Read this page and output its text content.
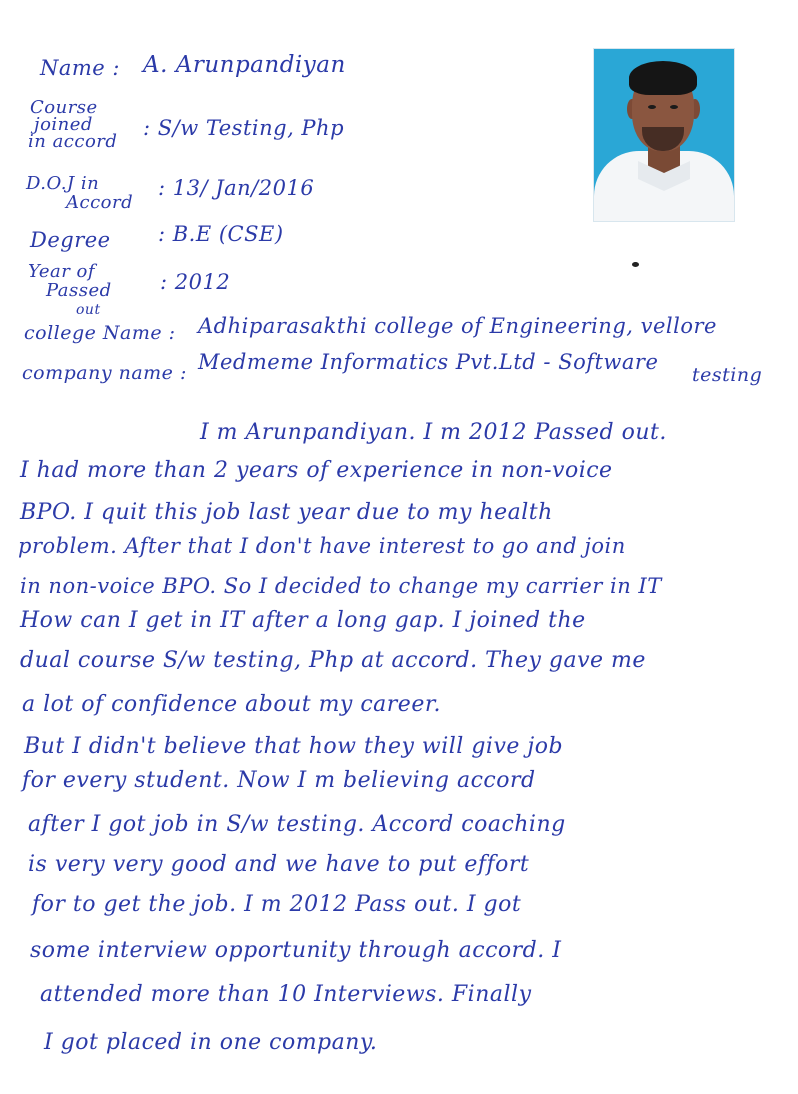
Name : A. Arunpandiyan
Course
joined
in accord
: S/w Testing, Php
D.O.J in
Accord
: 13/ Jan/2016
Degree : B.E (CSE)
Year of
Passed
out
: 2012
college Name : Adhiparasakthi college of Engineering, vellore
company name : Medmeme Informatics Pvt.Ltd - Software
testing
I m Arunpandiyan. I m 2012 Passed out.
I had more than 2 years of experience in non-voice
BPO. I quit this job last year due to my health
problem. After that I don't have interest to go and join
in non-voice BPO. So I decided to change my carrier in IT
How can I get in IT after a long gap. I joined the
dual course S/w testing, Php at accord. They gave me
a lot of confidence about my career.
But I didn't believe that how they will give job
for every student. Now I m believing accord
after I got job in S/w testing. Accord coaching
is very very good and we have to put effort
for to get the job. I m 2012 Pass out. I got
some interview opportunity through accord. I
attended more than 10 Interviews. Finally
I got placed in one company.
